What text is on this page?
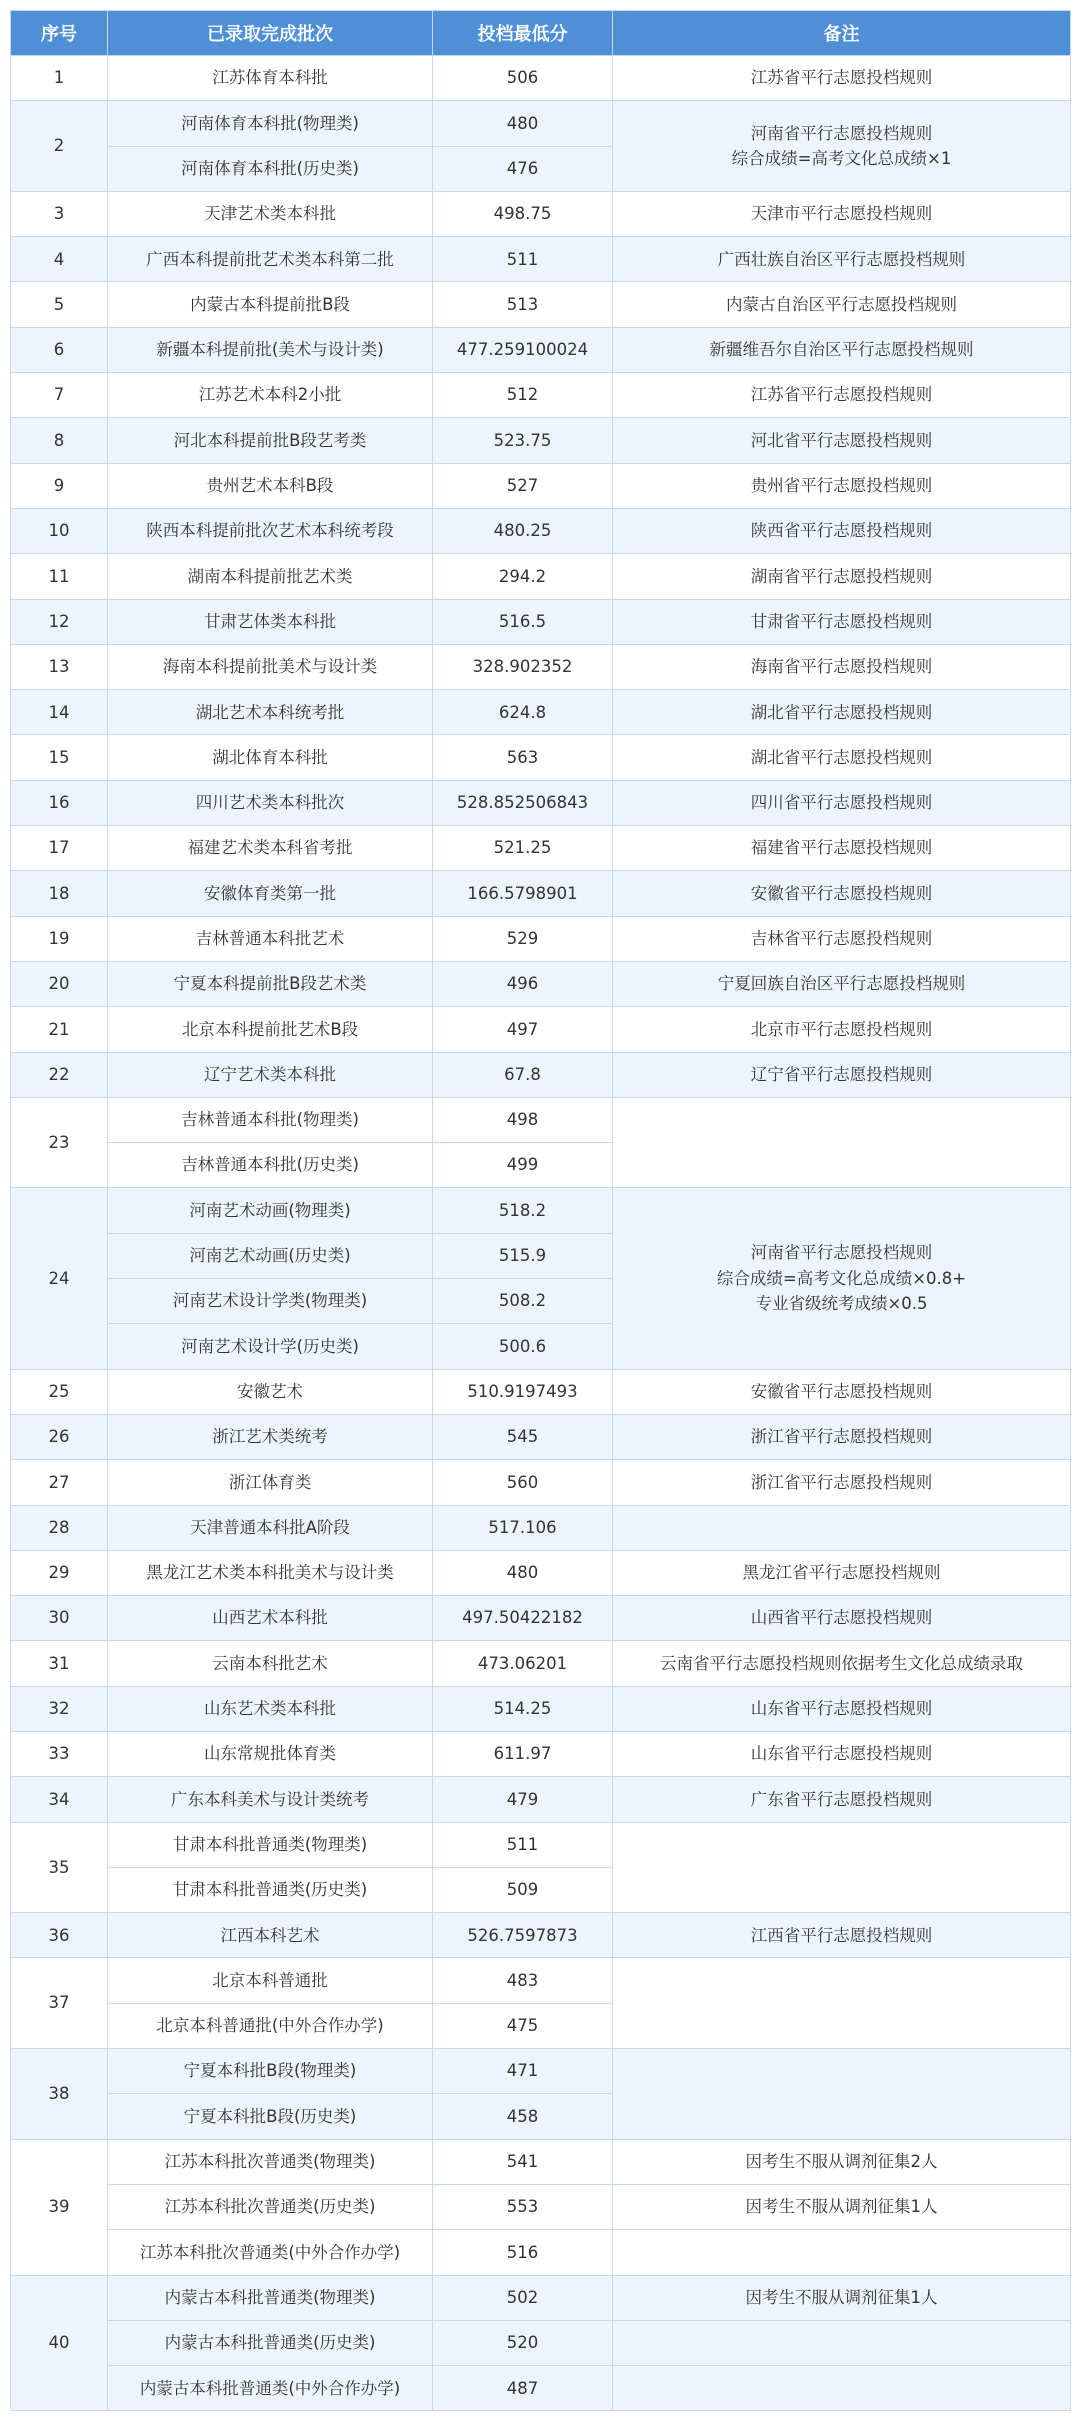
序号	已录取完成批次	投档最低分	备注
1	江苏体育本科批	506	江苏省平行志愿投档规则

2	河南体育本科批(物理类)	480	河南省平行志愿投档规则
综合成绩=高考文化总成绩×1

	河南体育本科批(历史类)	476	
3	天津艺术类本科批	498.75	天津市平行志愿投档规则

4	广西本科提前批艺术类本科第二批	511	广西壮族自治区平行志愿投档规则

5	内蒙古本科提前批B段	513	内蒙古自治区平行志愿投档规则

6	新疆本科提前批(美术与设计类)	477.259100024	新疆维吾尔自治区平行志愿投档规则

7	江苏艺术本科2小批	512	江苏省平行志愿投档规则

8	河北本科提前批B段艺考类	523.75	河北省平行志愿投档规则

9	贵州艺术本科B段	527	贵州省平行志愿投档规则

10	陕西本科提前批次艺术本科统考段	480.25	陕西省平行志愿投档规则

11	湖南本科提前批艺术类	294.2	湖南省平行志愿投档规则

12	甘肃艺体类本科批	516.5	甘肃省平行志愿投档规则

13	海南本科提前批美术与设计类	328.902352	海南省平行志愿投档规则

14	湖北艺术本科统考批	624.8	湖北省平行志愿投档规则

15	湖北体育本科批	563	湖北省平行志愿投档规则

16	四川艺术类本科批次	528.852506843	四川省平行志愿投档规则

17	福建艺术类本科省考批	521.25	福建省平行志愿投档规则

18	安徽体育类第一批	166.5798901	安徽省平行志愿投档规则

19	吉林普通本科批艺术	529	吉林省平行志愿投档规则

20	宁夏本科提前批B段艺术类	496	宁夏回族自治区平行志愿投档规则

21	北京本科提前批艺术B段	497	北京市平行志愿投档规则

22	辽宁艺术类本科批	67.8	辽宁省平行志愿投档规则

23	吉林普通本科批(物理类)	498	
	吉林普通本科批(历史类)	499	
24	河南艺术动画(物理类)	518.2	河南省平行志愿投档规则
综合成绩=高考文化总成绩×0.8+
专业省级统考成绩×0.5

	河南艺术动画(历史类)	515.9	
	河南艺术设计学类(物理类)	508.2	
	河南艺术设计学(历史类)	500.6	
25	安徽艺术	510.9197493	安徽省平行志愿投档规则

26	浙江艺术类统考	545	浙江省平行志愿投档规则

27	浙江体育类	560	浙江省平行志愿投档规则

28	天津普通本科批A阶段	517.106	
29	黑龙江艺术类本科批美术与设计类	480	黑龙江省平行志愿投档规则

30	山西艺术本科批	497.50422182	山西省平行志愿投档规则

31	云南本科批艺术	473.06201	云南省平行志愿投档规则依据考生文化总成绩录取

32	山东艺术类本科批	514.25	山东省平行志愿投档规则

33	山东常规批体育类	611.97	山东省平行志愿投档规则

34	广东本科美术与设计类统考	479	广东省平行志愿投档规则

35	甘肃本科批普通类(物理类)	511	
	甘肃本科批普通类(历史类)	509	
36	江西本科艺术	526.7597873	江西省平行志愿投档规则

37	北京本科普通批	483	
	北京本科普通批(中外合作办学)	475	
38	宁夏本科批B段(物理类)	471	
	宁夏本科批B段(历史类)	458	
39	江苏本科批次普通类(物理类)	541	因考生不服从调剂征集2人
	江苏本科批次普通类(历史类)	553	因考生不服从调剂征集1人
	江苏本科批次普通类(中外合作办学)	516	
40	内蒙古本科批普通类(物理类)	502	因考生不服从调剂征集1人
	内蒙古本科批普通类(历史类)	520	
	内蒙古本科批普通类(中外合作办学)	487	
